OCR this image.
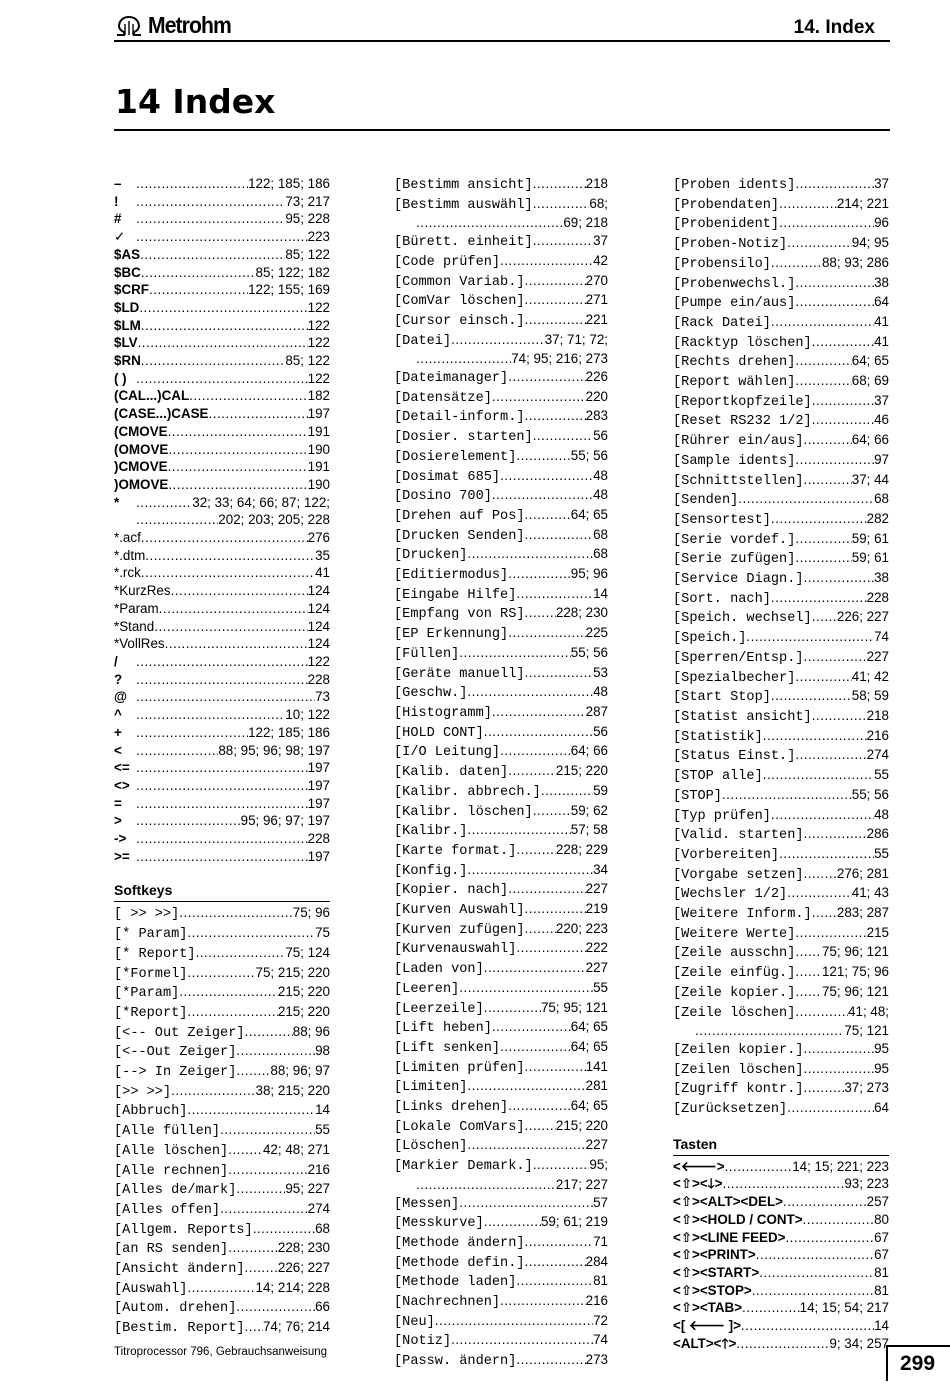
Metrohm	14. Index
14 Index
– .....	122; 185; 186
! .....	73; 217
# .....	95; 228
✓ .....	223
$AS .....	85; 122
$BC .....	85; 122; 182
$CRF .....	122; 155; 169
$LD .....	122
$LM .....	122
$LV .....	122
$RN .....	85; 122
( ) .....	122
(CAL...)CAL .....	182
(CASE...)CASE .....	197
(CMOVE .....	191
(OMOVE .....	190
)CMOVE .....	191
)OMOVE .....	190
* .....	32; 33; 64; 66; 87; 122;
.....
202; 203; 205; 228
*.acf .....	276
*.dtm .....	35
*.rck .....	41
*KurzRes .....	124
*Param .....	124
*Stand .....	124
*VollRes .....	124
/ .....	122
? .....	228
@ .....	73
^ .....	10; 122
+ .....	122; 185; 186
< .....	88; 95; 96; 98; 197
<= .....	197
<> .....	197
= .....	197
> .....	95; 96; 97; 197
-> .....	228
>= .....	197
Softkeys
[ >> >>] .....	75; 96
[* Param] .....	75
[* Report] .....	75; 124
[*Formel] .....	75; 215; 220
[*Param] .....	215; 220
[*Report] .....	215; 220
[<-- Out Zeiger] .....	88; 96
[<--Out Zeiger] .....	98
[--> In Zeiger] .....	88; 96; 97
[>> >>] .....	38; 215; 220
[Abbruch] .....	14
[Alle füllen] .....	55
[Alle löschen] .....	42; 48; 271
[Alle rechnen] .....	216
[Alles de/mark] .....	95; 227
[Alles offen] .....	274
[Allgem. Reports] .....	68
[an RS senden] .....	228; 230
[Ansicht ändern] ..... 226; 227
[Auswahl] .....	14; 214; 228
[Autom. drehen] .....	66
[Bestim. Report] ..... 74; 76; 214
[Bestimm ansicht] .....	218
[Bestimm auswähl] .....	68;
.....
69; 218
[Bürett. einheit] .....	37
[Code prüfen] .....	42
[Common Variab.] .....	270
[ComVar löschen] .....	271
[Cursor einsch.] .....	221
[Datei] .....	37; 71; 72;
.....
74; 95; 216; 273
[Dateimanager] .....	226
[Datensätze] .....	220
[Detail-inform.] .....	283
[Dosier. starten] .....	56
[Dosierelement] .....	55; 56
[Dosimat 685] .....	48
[Dosino 700] .....	48
[Drehen auf Pos] .....	64; 65
[Drucken Senden] .....	68
[Drucken] .....	68
[Editiermodus] .....	95; 96
[Eingabe Hilfe] .....	14
[Empfang von RS] ..... 228; 230
[EP Erkennung] .....	225
[Füllen] .....	55; 56
[Geräte manuell] .....	53
[Geschw.] .....	48
[Histogramm] .....	287
[HOLD CONT] .....	56
[I/O Leitung] .....	64; 66
[Kalib. daten] .....	215; 220
[Kalibr. abbrech.] .....	59
[Kalibr. löschen] .....	59; 62
[Kalibr.] .....	57; 58
[Karte format.] .....	228; 229
[Konfig.] .....	34
[Kopier. nach] .....	227
[Kurven Auswahl] .....	219
[Kurven zufügen] ..... 220; 223
[Kurvenauswahl] .....	222
[Laden von] .....	227
[Leeren] .....	55
[Leerzeile] .....	75; 95; 121
[Lift heben] .....	64; 65
[Lift senken] .....	64; 65
[Limiten prüfen] .....	141
[Limiten] .....	281
[Links drehen] .....	64; 65
[Lokale ComVars] ..... 215; 220
[Löschen] .....	227
[Markier Demark.] .....	95;
.....
217; 227
[Messen] .....	57
[Messkurve] .....	59; 61; 219
[Methode ändern] .....	71
[Methode defin.] .....	284
[Methode laden] .....	81
[Nachrechnen] .....	216
[Neu] .....	72
[Notiz] .....	74
[Passw. ändern] .....	273
[Proben idents] .....	37
[Probendaten] .....	214; 221
[Probenident] .....	96
[Proben-Notiz] .....	94; 95
[Probensilo] .....	88; 93; 286
[Probenwechsl.] .....	38
[Pumpe ein/aus] .....	64
[Rack Datei] .....	41
[Racktyp löschen] .....	41
[Rechts drehen] .....	64; 65
[Report wählen] .....	68; 69
[Reportkopfzeile] .....	37
[Reset RS232 1/2] .....	46
[Rührer ein/aus] .....	64; 66
[Sample idents] .....	97
[Schnittstellen] .....	37; 44
[Senden] .....	68
[Sensortest] .....	282
[Serie vordef.] .....	59; 61
[Serie zufügen] .....	59; 61
[Service Diagn.] .....	38
[Sort. nach] .....	228
[Speich. wechsel] ..... 226; 227
[Speich.] .....	74
[Sperren/Entsp.] .....	227
[Spezialbecher] .....	41; 42
[Start Stop] .....	58; 59
[Statist ansicht] .....	218
[Statistik] .....	216
[Status Einst.] .....	274
[STOP alle] .....	55
[STOP] .....	55; 56
[Typ prüfen] .....	48
[Valid. starten] .....	286
[Vorbereiten] .....	55
[Vorgabe setzen] ..... 276; 281
[Wechsler 1/2] .....	41; 43
[Weitere Inform.] ..... 283; 287
[Weitere Werte] .....	215
[Zeile ausschn] ..... 75; 96; 121
[Zeile einfüg.] ..... 121; 75; 96
[Zeile kopier.] ..... 75; 96; 121
[Zeile löschen] .....	41; 48;
.....
75; 121
[Zeilen kopier.] .....	95
[Zeilen löschen] .....	95
[Zugriff kontr.] .....	37; 273
[Zurücksetzen] .....	64
Tasten
<🡐> .....	14; 15; 221; 223
<⇧><🡓> .....	93; 223
<⇧><ALT><DEL> .....	257
<⇧><HOLD / CONT> .....	80
<⇧><LINE FEED> .....	67
<⇧><PRINT> .....	67
<⇧><START> .....	81
<⇧><STOP> .....	81
<⇧><TAB> .....	14; 15; 54; 217
<[ 🡐 ]> .....	14
<ALT><🡑> .....	9; 34; 257
Titroprocessor 796, Gebrauchsanweisung	299
